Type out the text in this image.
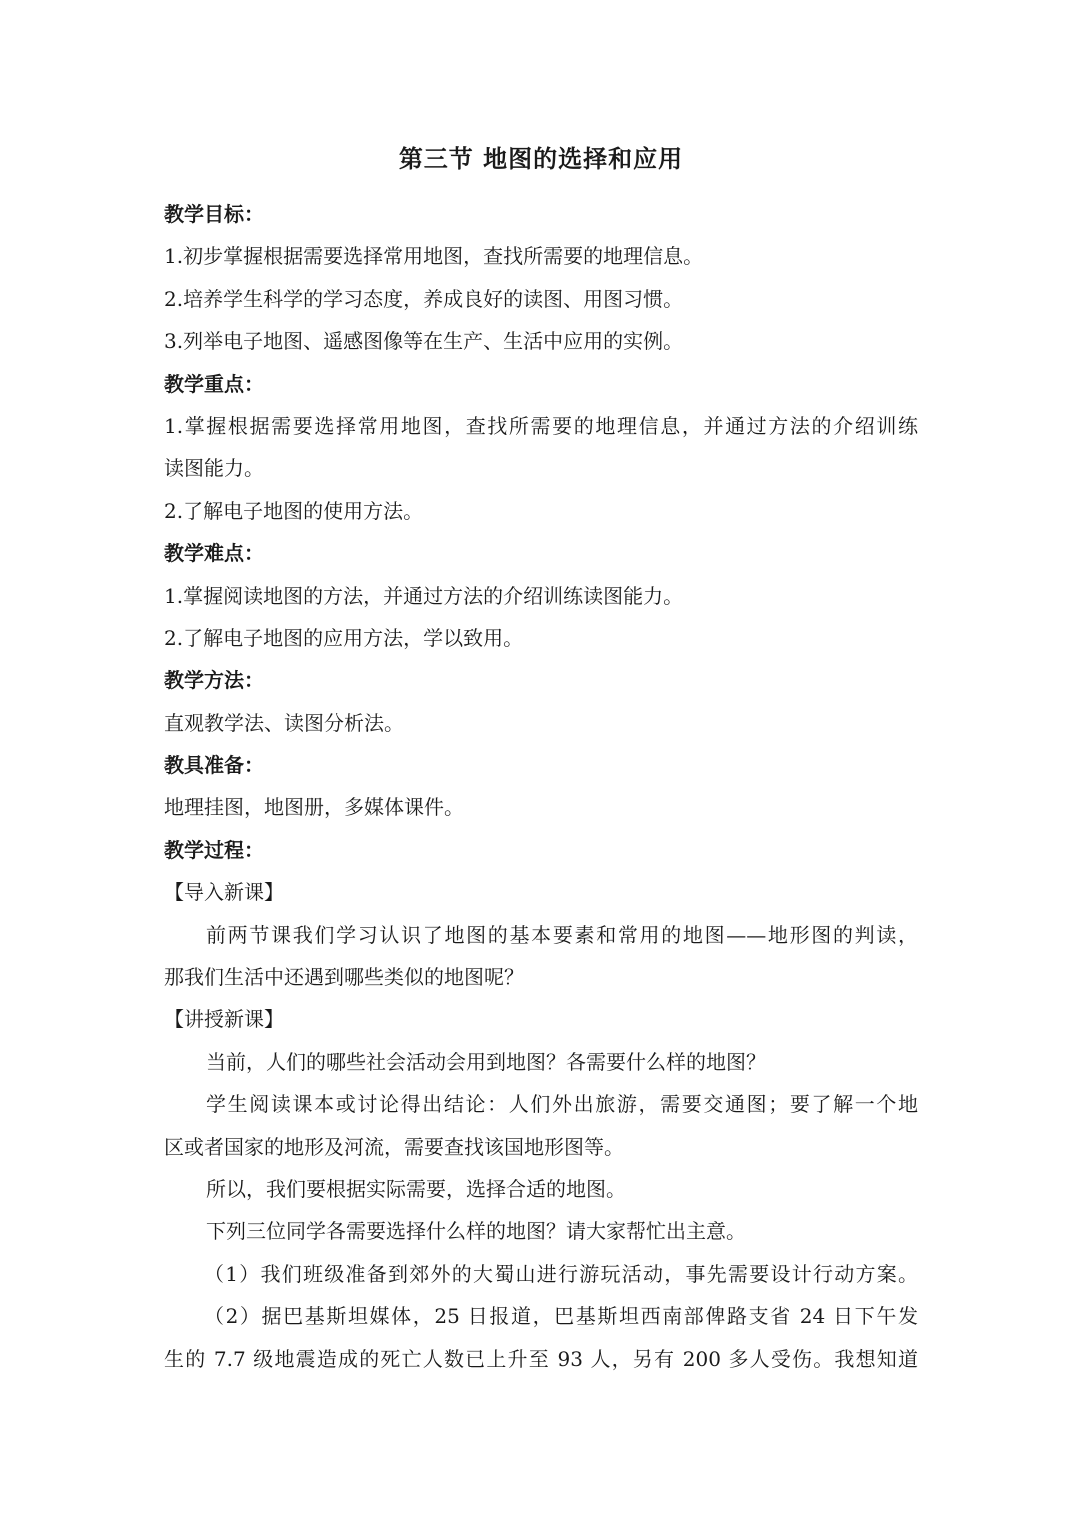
第三节 地图的选择和应用

教学目标：

1.初步掌握根据需要选择常用地图，查找所需要的地理信息。

2.培养学生科学的学习态度，养成良好的读图、用图习惯。

3.列举电子地图、遥感图像等在生产、生活中应用的实例。

教学重点：

1.掌握根据需要选择常用地图，查找所需要的地理信息，并通过方法的介绍训练

读图能力。

2.了解电子地图的使用方法。

教学难点：

1.掌握阅读地图的方法，并通过方法的介绍训练读图能力。

2.了解电子地图的应用方法，学以致用。

教学方法：

直观教学法、读图分析法。

教具准备：

地理挂图，地图册，多媒体课件。

教学过程：

【导入新课】

前两节课我们学习认识了地图的基本要素和常用的地图——地形图的判读，

那我们生活中还遇到哪些类似的地图呢？

【讲授新课】

当前，人们的哪些社会活动会用到地图？各需要什么样的地图？

学生阅读课本或讨论得出结论：人们外出旅游，需要交通图；要了解一个地

区或者国家的地形及河流，需要查找该国地形图等。

所以，我们要根据实际需要，选择合适的地图。

下列三位同学各需要选择什么样的地图？请大家帮忙出主意。

（1）我们班级准备到郊外的大蜀山进行游玩活动，事先需要设计行动方案。

（2）据巴基斯坦媒体，25 日报道，巴基斯坦西南部俾路支省 24 日下午发

生的 7.7 级地震造成的死亡人数已上升至 93 人，另有 200 多人受伤。我想知道
